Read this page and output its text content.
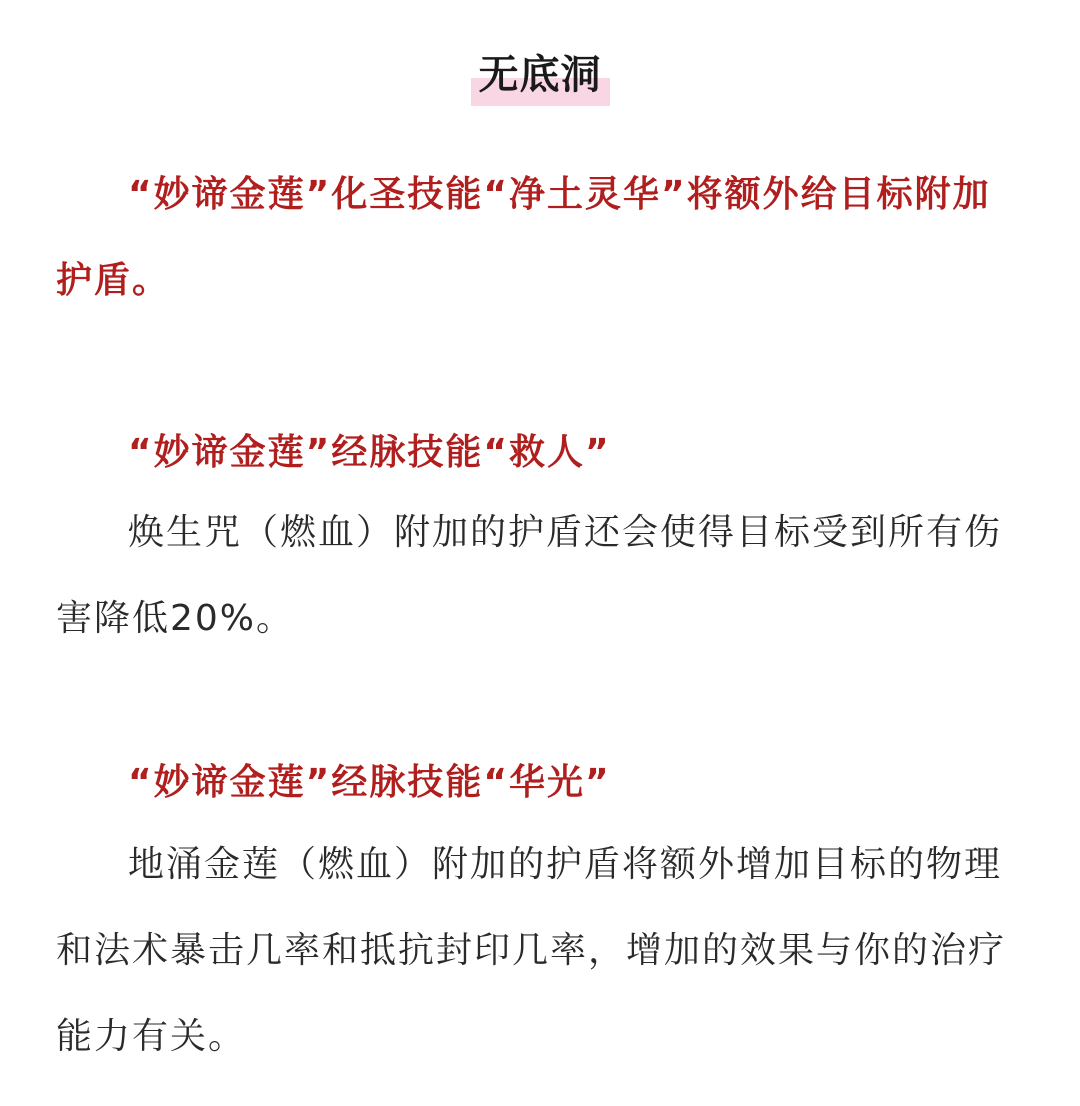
无底洞

“妙谛金莲”化圣技能“净土灵华”将额外给目标附加护盾。

“妙谛金莲”经脉技能“救人”

焕生咒（燃血）附加的护盾还会使得目标受到所有伤害降低20%。

“妙谛金莲”经脉技能“华光”

地涌金莲（燃血）附加的护盾将额外增加目标的物理和法术暴击几率和抵抗封印几率，增加的效果与你的治疗能力有关。
